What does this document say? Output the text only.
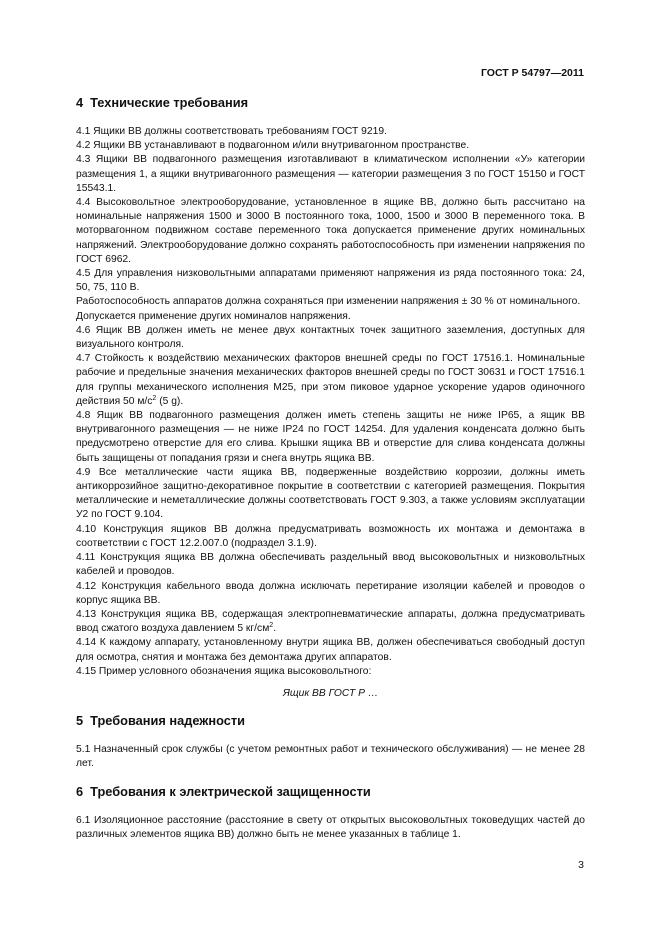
ГОСТ Р 54797—2011
4 Технические требования

4.1 Ящики ВВ должны соответствовать требованиям ГОСТ 9219.

4.2 Ящики ВВ устанавливают в подвагонном и/или внутривагонном пространстве.

4.3 Ящики ВВ подвагонного размещения изготавливают в климатическом исполнении «У» категории размещения 1, а ящики внутривагонного размещения — категории размещения 3 по ГОСТ 15150 и ГОСТ 15543.1.

4.4 Высоковольтное электрооборудование, установленное в ящике ВВ, должно быть рассчитано на номинальные напряжения 1500 и 3000 В постоянного тока, 1000, 1500 и 3000 В переменного тока. В моторвагонном подвижном составе переменного тока допускается применение других номинальных напряжений. Электрооборудование должно сохранять работоспособность при изменении напряжения по ГОСТ 6962.

4.5 Для управления низковольтными аппаратами применяют напряжения из ряда постоянного тока: 24, 50, 75, 110 В.

Работоспособность аппаратов должна сохраняться при изменении напряжения ± 30 % от номинального.

Допускается применение других номиналов напряжения.

4.6 Ящик ВВ должен иметь не менее двух контактных точек защитного заземления, доступных для визуального контроля.

4.7 Стойкость к воздействию механических факторов внешней среды по ГОСТ 17516.1. Номинальные рабочие и предельные значения механических факторов внешней среды по ГОСТ 30631 и ГОСТ 17516.1 для группы механического исполнения М25, при этом пиковое ударное ускорение ударов одиночного действия 50 $м/с^2$ (5 g).

4.8 Ящик ВВ подвагонного размещения должен иметь степень защиты не ниже IP65, а ящик ВВ внутривагонного размещения — не ниже IP24 по ГОСТ 14254. Для удаления конденсата должно быть предусмотрено отверстие для его слива. Крышки ящика ВВ и отверстие для слива конденсата должны быть защищены от попадания грязи и снега внутрь ящика ВВ.

4.9 Все металлические части ящика ВВ, подверженные воздействию коррозии, должны иметь антикоррозийное защитно-декоративное покрытие в соответствии с категорией размещения. Покрытия металлические и неметаллические должны соответствовать ГОСТ 9.303, а также условиям эксплуатации У2 по ГОСТ 9.104.

4.10 Конструкция ящиков ВВ должна предусматривать возможность их монтажа и демонтажа в соответствии с ГОСТ 12.2.007.0 (подраздел 3.1.9).

4.11 Конструкция ящика ВВ должна обеспечивать раздельный ввод высоковольтных и низковольтных кабелей и проводов.

4.12 Конструкция кабельного ввода должна исключать перетирание изоляции кабелей и проводов о корпус ящика ВВ.

4.13 Конструкция ящика ВВ, содержащая электропневматические аппараты, должна предусматривать ввод сжатого воздуха давлением 5 $кг/см^2$.

4.14 К каждому аппарату, установленному внутри ящика ВВ, должен обеспечиваться свободный доступ для осмотра, снятия и монтажа без демонтажа других аппаратов.

4.15 Пример условного обозначения ящика высоковольтного:

Ящик ВВ ГОСТ Р …
5 Требования надежности

5.1 Назначенный срок службы (с учетом ремонтных работ и технического обслуживания) — не менее 28 лет.

6 Требования к электрической защищенности

6.1 Изоляционное расстояние (расстояние в свету от открытых высоковольтных токоведущих частей до различных элементов ящика ВВ) должно быть не менее указанных в таблице 1.

3
